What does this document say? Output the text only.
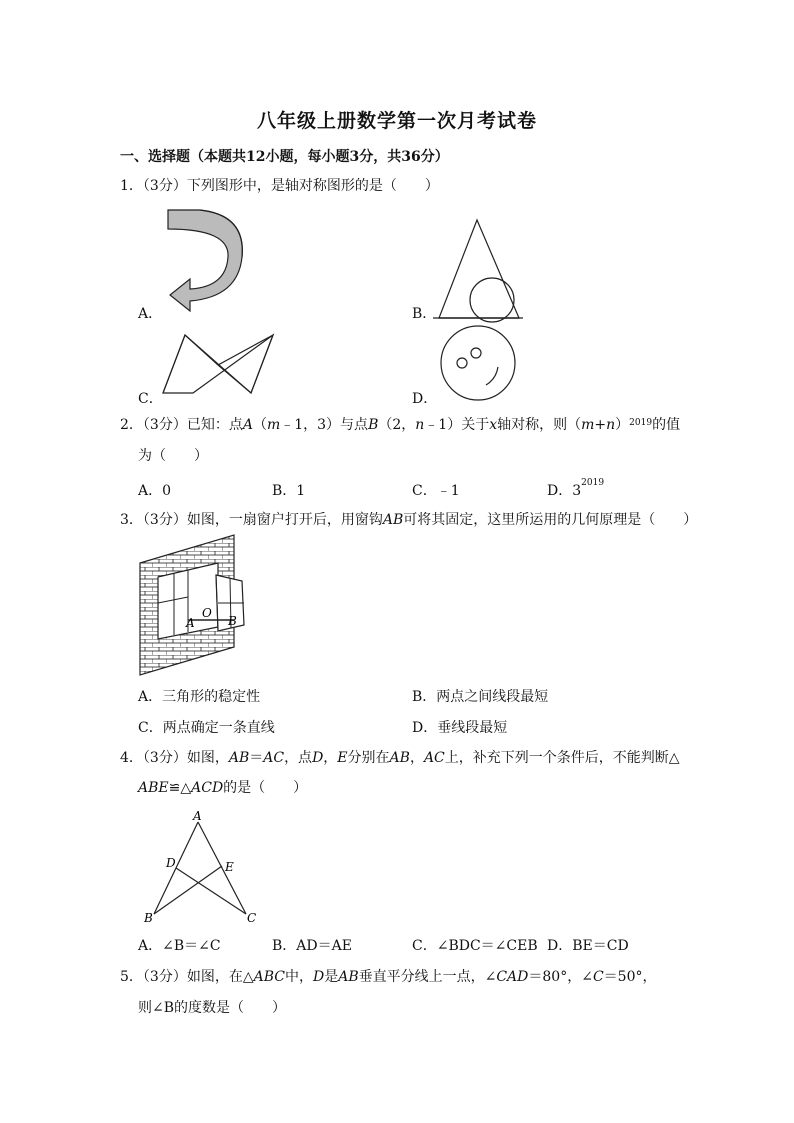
八年级上册数学第一次月考试卷
一、选择题（本题共12小题，每小题3分，共36分）
1．（3分）下列图形中，是轴对称图形的是（　　）
A．	B．
C．	D．
2．（3分）已知：点A（m﹣1，3）与点B（2，n﹣1）关于x轴对称，则$(m+n)^{2019}$的值
为（　　）
A．0	B．1	C．﹣1	D．$3^{2019}$
3．（3分）如图，一扇窗户打开后，用窗钩AB可将其固定，这里所运用的几何原理是（　　）
A
O
B
A．三角形的稳定性	B．两点之间线段最短
C．两点确定一条直线	D．垂线段最短
4．（3分）如图，AB＝AC，点D，E分别在AB，AC上，补充下列一个条件后，不能判断△
ABE≌△ACD的是（　　）
A
D	E
B	C
A．∠B＝∠C	B．AD＝AE	C．∠BDC＝∠CEB D．BE＝CD
5．（3分）如图，在△ABC中，D是AB垂直平分线上一点，∠CAD＝80°，∠C＝50°，
则∠B的度数是（　　）
